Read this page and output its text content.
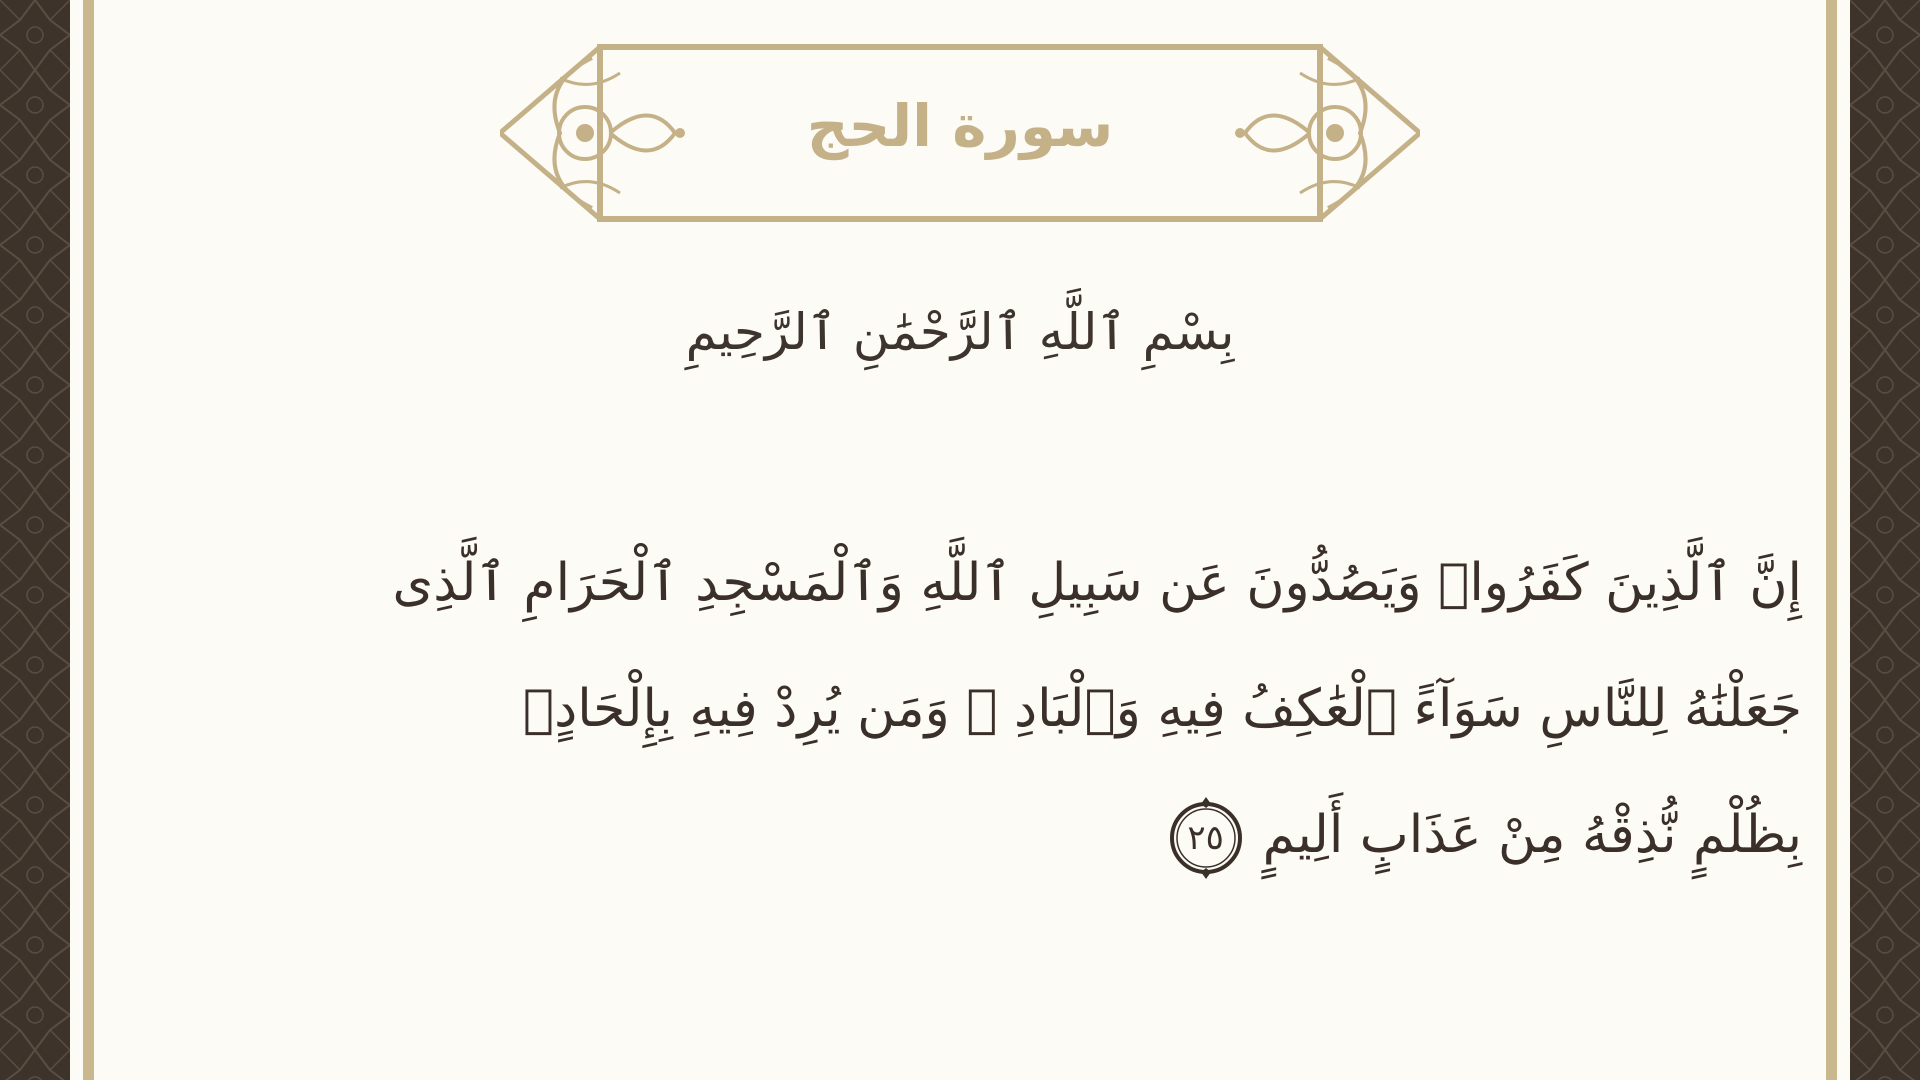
سورة الحج
بِسْمِ ٱللَّهِ ٱلرَّحْمَٰنِ ٱلرَّحِيمِ
إِنَّ ٱلَّذِينَ كَفَرُوا۟ وَيَصُدُّونَ عَن سَبِيلِ ٱللَّهِ وَٱلْمَسْجِدِ ٱلْحَرَامِ ٱلَّذِى
جَعَلْنَٰهُ لِلنَّاسِ سَوَآءً ٱلْعَٰكِفُ فِيهِ وَٱلْبَادِ ۚ وَمَن يُرِدْ فِيهِ بِإِلْحَادٍۭ
بِظُلْمٍ نُّذِقْهُ مِنْ عَذَابٍ أَلِيمٍ
٢٥
